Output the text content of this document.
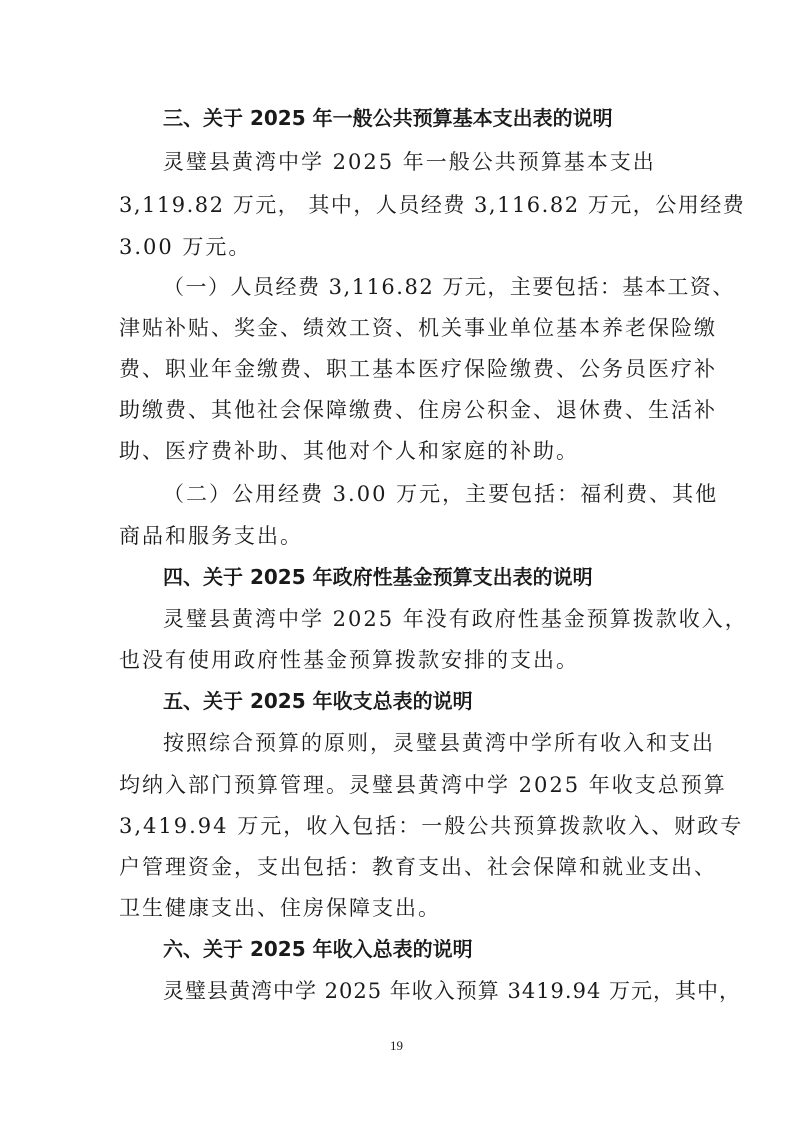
三、关于 2025 年一般公共预算基本支出表的说明
灵璧县黄湾中学 2025 年一般公共预算基本支出
3,119.82 万元， 其中，人员经费 3,116.82 万元，公用经费
3.00 万元。
（一）人员经费 3,116.82 万元，主要包括：基本工资、
津贴补贴、奖金、绩效工资、机关事业单位基本养老保险缴
费、职业年金缴费、职工基本医疗保险缴费、公务员医疗补
助缴费、其他社会保障缴费、住房公积金、退休费、生活补
助、医疗费补助、其他对个人和家庭的补助。
（二）公用经费 3.00 万元，主要包括：福利费、其他
商品和服务支出。
四、关于 2025 年政府性基金预算支出表的说明
灵璧县黄湾中学 2025 年没有政府性基金预算拨款收入，
也没有使用政府性基金预算拨款安排的支出。
五、关于 2025 年收支总表的说明
按照综合预算的原则，灵璧县黄湾中学所有收入和支出
均纳入部门预算管理。灵璧县黄湾中学 2025 年收支总预算
3,419.94 万元，收入包括：一般公共预算拨款收入、财政专
户管理资金，支出包括：教育支出、社会保障和就业支出、
卫生健康支出、住房保障支出。
六、关于 2025 年收入总表的说明
灵璧县黄湾中学 2025 年收入预算 3419.94 万元，其中，
19
